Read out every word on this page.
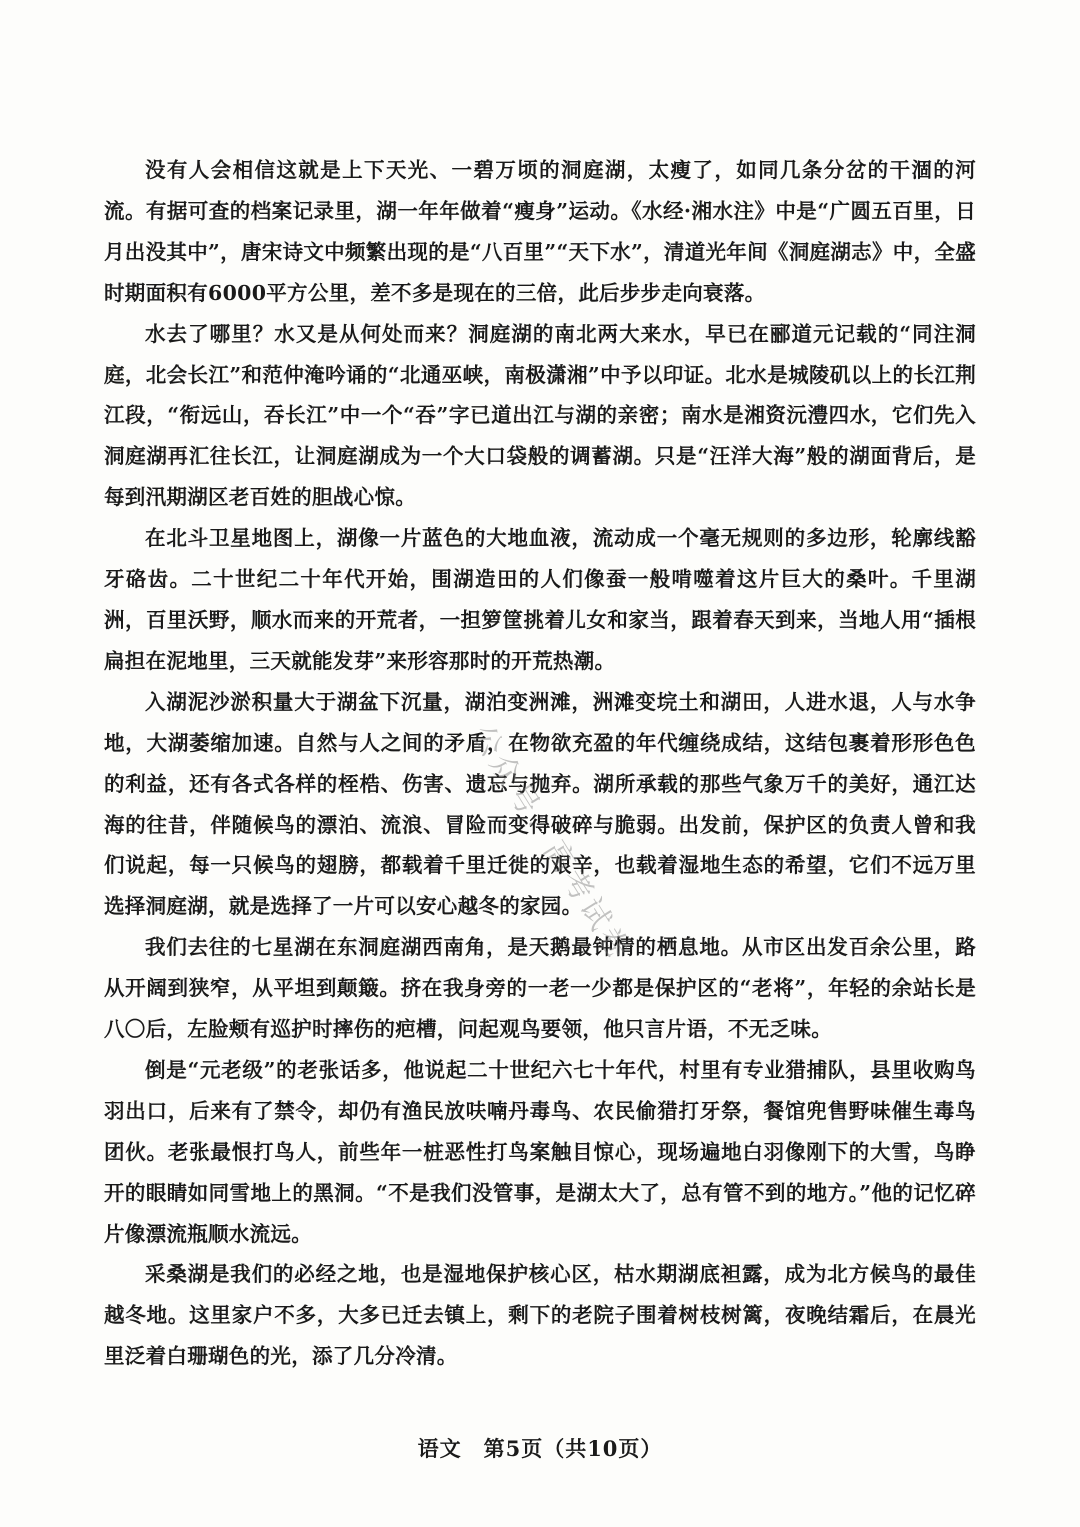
没有人会相信这就是上下天光、一碧万顷的洞庭湖，太瘦了，如同几条分岔的干涸的河流。有据可查的档案记录里，湖一年年做着“瘦身”运动。《水经·湘水注》中是“广圆五百里，日月出没其中”，唐宋诗文中频繁出现的是“八百里”“天下水”，清道光年间《洞庭湖志》中，全盛时期面积有6000平方公里，差不多是现在的三倍，此后步步走向衰落。

水去了哪里？水又是从何处而来？洞庭湖的南北两大来水，早已在郦道元记载的“同注洞庭，北会长江”和范仲淹吟诵的“北通巫峡，南极潇湘”中予以印证。北水是城陵矶以上的长江荆江段，“衔远山，吞长江”中一个“吞”字已道出江与湖的亲密；南水是湘资沅澧四水，它们先入洞庭湖再汇往长江，让洞庭湖成为一个大口袋般的调蓄湖。只是“汪洋大海”般的湖面背后，是每到汛期湖区老百姓的胆战心惊。

在北斗卫星地图上，湖像一片蓝色的大地血液，流动成一个毫无规则的多边形，轮廓线豁牙硌齿。二十世纪二十年代开始，围湖造田的人们像蚕一般啃噬着这片巨大的桑叶。千里湖洲，百里沃野，顺水而来的开荒者，一担箩筐挑着儿女和家当，跟着春天到来，当地人用“插根扁担在泥地里，三天就能发芽”来形容那时的开荒热潮。

入湖泥沙淤积量大于湖盆下沉量，湖泊变洲滩，洲滩变垸土和湖田，人进水退，人与水争地，大湖萎缩加速。自然与人之间的矛盾，在物欲充盈的年代缠绕成结，这结包裹着形形色色的利益，还有各式各样的桎梏、伤害、遗忘与抛弃。湖所承载的那些气象万千的美好，通江达海的往昔，伴随候鸟的漂泊、流浪、冒险而变得破碎与脆弱。出发前，保护区的负责人曾和我们说起，每一只候鸟的翅膀，都载着千里迁徙的艰辛，也载着湿地生态的希望，它们不远万里选择洞庭湖，就是选择了一片可以安心越冬的家园。

我们去往的七星湖在东洞庭湖西南角，是天鹅最钟情的栖息地。从市区出发百余公里，路从开阔到狭窄，从平坦到颠簸。挤在我身旁的一老一少都是保护区的“老将”，年轻的余站长是八〇后，左脸颊有巡护时摔伤的疤槽，问起观鸟要领，他只言片语，不无乏味。

倒是“元老级”的老张话多，他说起二十世纪六七十年代，村里有专业猎捕队，县里收购鸟羽出口，后来有了禁令，却仍有渔民放呋喃丹毒鸟、农民偷猎打牙祭，餐馆兜售野味催生毒鸟团伙。老张最恨打鸟人，前些年一桩恶性打鸟案触目惊心，现场遍地白羽像刚下的大雪，鸟睁开的眼睛如同雪地上的黑洞。“不是我们没管事，是湖太大了，总有管不到的地方。”他的记忆碎片像漂流瓶顺水流远。

采桑湖是我们的必经之地，也是湿地保护核心区，枯水期湖底袒露，成为北方候鸟的最佳越冬地。这里家户不多，大多已迁去镇上，剩下的老院子围着树枝树篱，夜晚结霜后，在晨光里泛着白珊瑚色的光，添了几分冷清。

公众号：高考试卷
语文　第5页（共10页）
